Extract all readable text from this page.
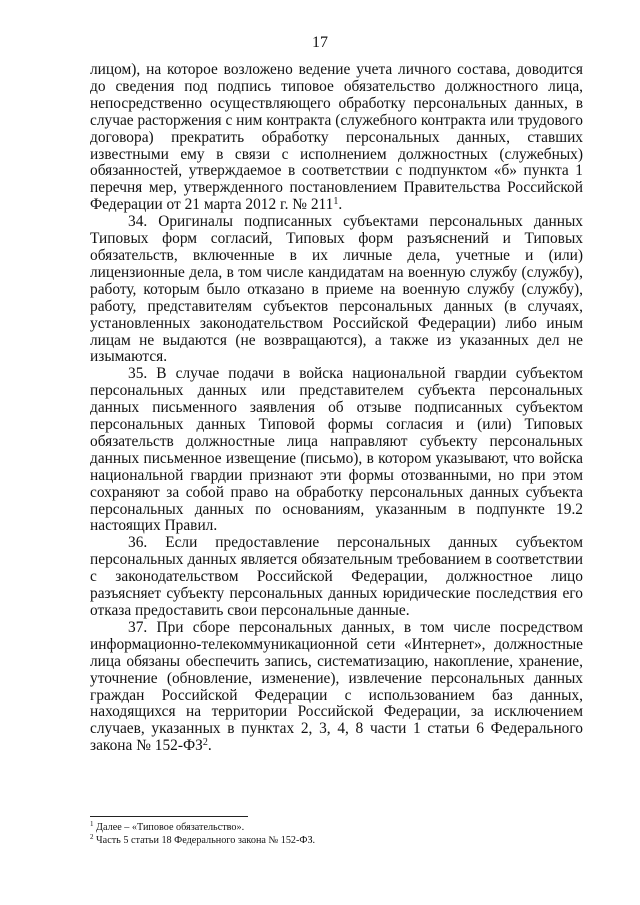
17

лицом), на которое возложено ведение учета личного состава, доводится до сведения под подпись типовое обязательство должностного лица, непосредственно осуществляющего обработку персональных данных, в случае расторжения с ним контракта (служебного контракта или трудового договора) прекратить обработку персональных данных, ставших известными ему в связи с исполнением должностных (служебных) обязанностей, утверждаемое в соответствии с подпунктом «б» пункта 1 перечня мер, утвержденного постановлением Правительства Российской Федерации от 21 марта 2012 г. № $211^1$.

34. Оригиналы подписанных субъектами персональных данных Типовых форм согласий, Типовых форм разъяснений и Типовых обязательств, включенные в их личные дела, учетные и (или) лицензионные дела, в том числе кандидатам на военную службу (службу), работу, которым было отказано в приеме на военную службу (службу), работу, представителям субъектов персональных данных (в случаях, установленных законодательством Российской Федерации) либо иным лицам не выдаются (не возвращаются), а также из указанных дел не изымаются.

35. В случае подачи в войска национальной гвардии субъектом персональных данных или представителем субъекта персональных данных письменного заявления об отзыве подписанных субъектом персональных данных Типовой формы согласия и (или) Типовых обязательств должностные лица направляют субъекту персональных данных письменное извещение (письмо), в котором указывают, что войска национальной гвардии признают эти формы отозванными, но при этом сохраняют за собой право на обработку персональных данных субъекта персональных данных по основаниям, указанным в подпункте 19.2 настоящих Правил.

36. Если предоставление персональных данных субъектом персональных данных является обязательным требованием в соответствии с законодательством Российской Федерации, должностное лицо разъясняет субъекту персональных данных юридические последствия его отказа предоставить свои персональные данные.

37. При сборе персональных данных, в том числе посредством информационно-телекоммуникационной сети «Интернет», должностные лица обязаны обеспечить запись, систематизацию, накопление, хранение, уточнение (обновление, изменение), извлечение персональных данных граждан Российской Федерации с использованием баз данных, находящихся на территории Российской Федерации, за исключением случаев, указанных в пунктах 2, 3, 4, 8 части 1 статьи 6 Федерального закона № $152-ФЗ^2$.

$^1$ Далее – «Типовое обязательство».
$^2$ Часть 5 статьи 18 Федерального закона № 152-ФЗ.
